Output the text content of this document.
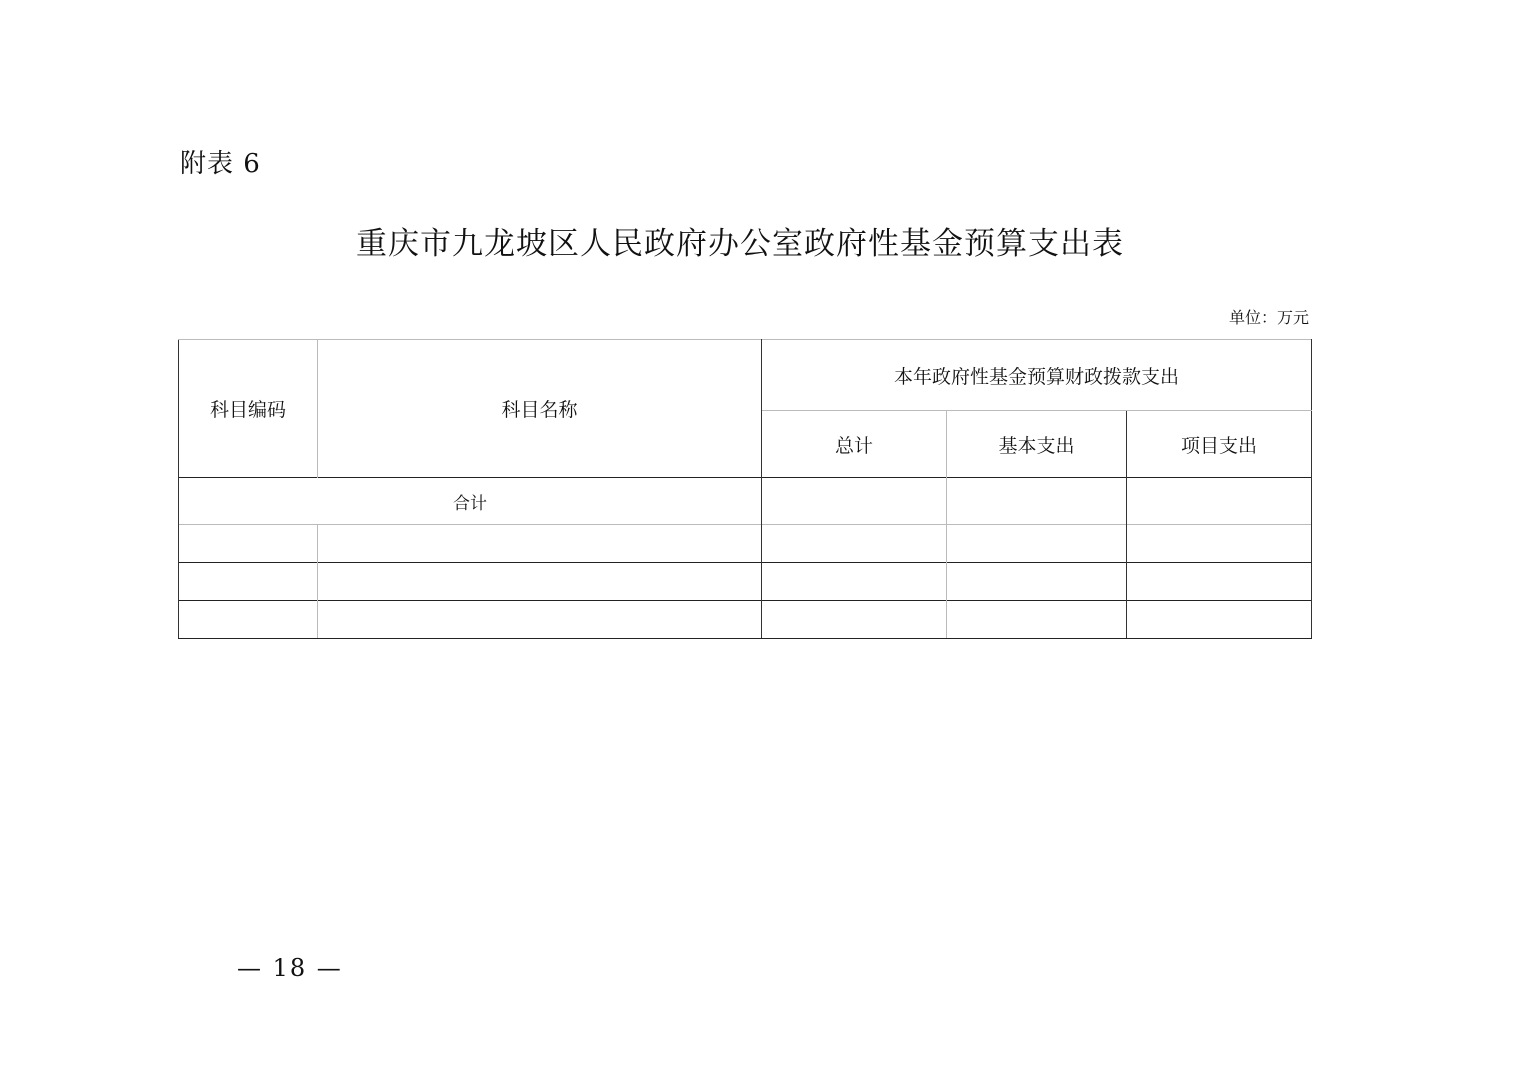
附表 6
重庆市九龙坡区人民政府办公室政府性基金预算支出表
单位：万元
科目编码	科目名称	本年政府性基金预算财政拨款支出		
		总计	基本支出	项目支出
合计				

— 18 —
